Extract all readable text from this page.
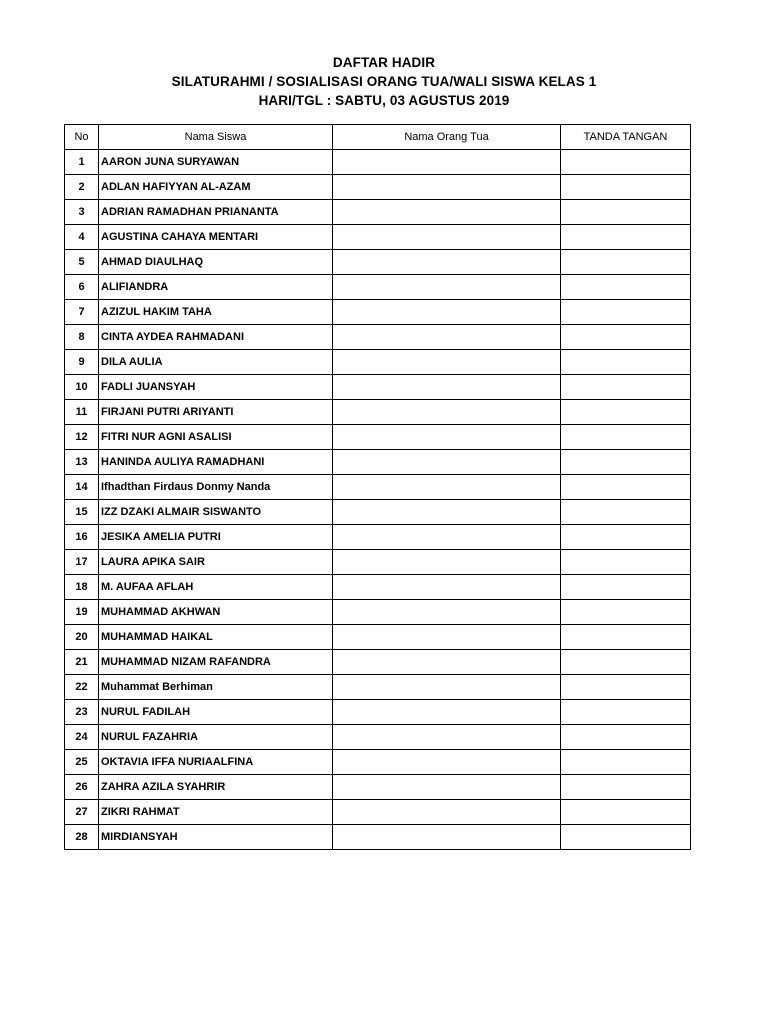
DAFTAR HADIR
SILATURAHMI / SOSIALISASI ORANG TUA/WALI SISWA KELAS 1
HARI/TGL : SABTU, 03 AGUSTUS 2019
No	Nama Siswa	Nama Orang Tua	TANDA TANGAN
1	AARON JUNA SURYAWAN		
2	ADLAN HAFIYYAN AL-AZAM		
3	ADRIAN RAMADHAN PRIANANTA		
4	AGUSTINA CAHAYA MENTARI		
5	AHMAD DIAULHAQ		
6	ALIFIANDRA		
7	AZIZUL HAKIM TAHA		
8	CINTA AYDEA RAHMADANI		
9	DILA AULIA		
10	FADLI JUANSYAH		
11	FIRJANI PUTRI ARIYANTI		
12	FITRI NUR AGNI ASALISI		
13	HANINDA AULIYA RAMADHANI		
14	Ifhadthan Firdaus Donmy Nanda		
15	IZZ DZAKI ALMAIR SISWANTO		
16	JESIKA AMELIA PUTRI		
17	LAURA APIKA SAIR		
18	M. AUFAA AFLAH		
19	MUHAMMAD AKHWAN		
20	MUHAMMAD HAIKAL		
21	MUHAMMAD NIZAM RAFANDRA		
22	Muhammat Berhiman		
23	NURUL FADILAH		
24	NURUL FAZAHRIA		
25	OKTAVIA IFFA NURIAALFINA		
26	ZAHRA AZILA SYAHRIR		
27	ZIKRI RAHMAT		
28	MIRDIANSYAH		
